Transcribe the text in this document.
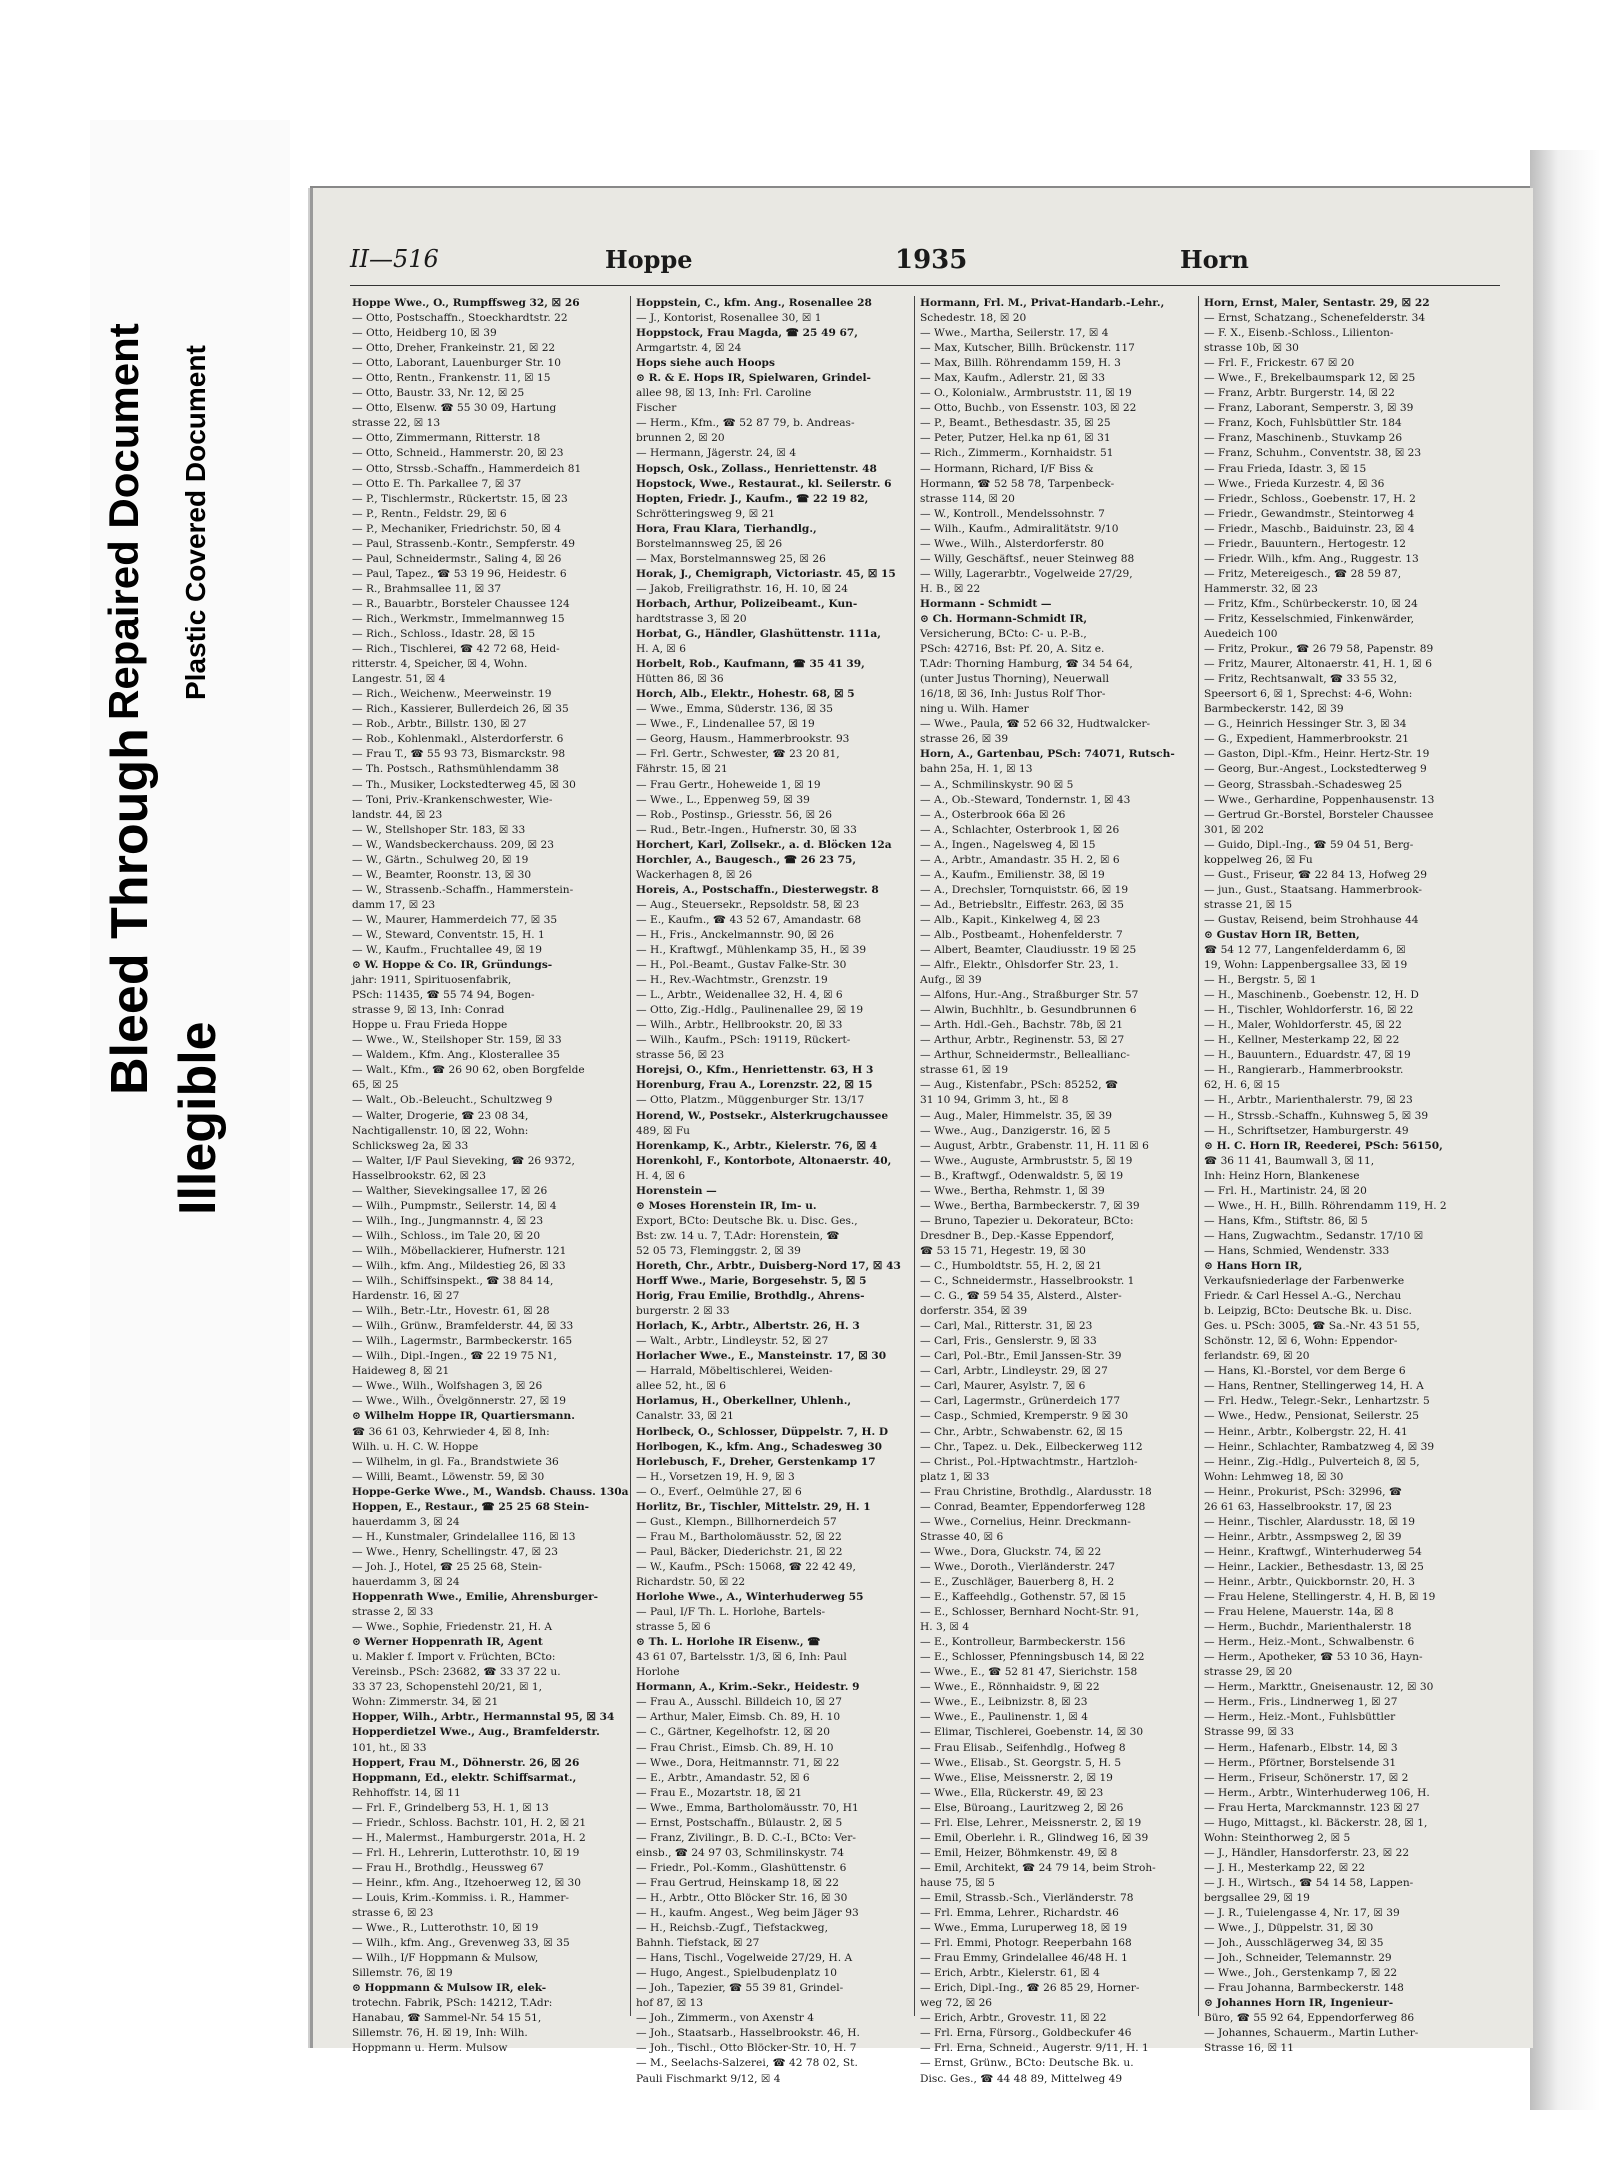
Bleed Through
Repaired Document
Illegible
Plastic Covered Document
II—516	Hoppe	1935	Horn
Hoppe Wwe., O., Rumpffsweg 32, ☒ 26
— Otto, Postschaffn., Stoeckhardtstr. 22
— Otto, Heidberg 10, ☒ 39
— Otto, Dreher, Frankeinstr. 21, ☒ 22
— Otto, Laborant, Lauenburger Str. 10
— Otto, Rentn., Frankenstr. 11, ☒ 15
— Otto, Baustr. 33, Nr. 12, ☒ 25
— Otto, Elsenw. ☎ 55 30 09, Hartung
strasse 22, ☒ 13
— Otto, Zimmermann, Ritterstr. 18
— Otto, Schneid., Hammerstr. 20, ☒ 23
— Otto, Strssb.-Schaffn., Hammerdeich 81
— Otto E. Th. Parkallee 7, ☒ 37
— P., Tischlermstr., Rückertstr. 15, ☒ 23
— P., Rentn., Feldstr. 29, ☒ 6
— P., Mechaniker, Friedrichstr. 50, ☒ 4
— Paul, Strassenb.-Kontr., Sempferstr. 49
— Paul, Schneidermstr., Saling 4, ☒ 26
— Paul, Tapez., ☎ 53 19 96, Heidestr. 6
— R., Brahmsallee 11, ☒ 37
— R., Bauarbtr., Borsteler Chaussee 124
— Rich., Werkmstr., Immelmannweg 15
— Rich., Schloss., Idastr. 28, ☒ 15
— Rich., Tischlerei, ☎ 42 72 68, Heid-
ritterstr. 4, Speicher, ☒ 4, Wohn.
Langestr. 51, ☒ 4
— Rich., Weichenw., Meerweinstr. 19
— Rich., Kassierer, Bullerdeich 26, ☒ 35
— Rob., Arbtr., Billstr. 130, ☒ 27
— Rob., Kohlenmakl., Alsterdorferstr. 6
— Frau T., ☎ 55 93 73, Bismarckstr. 98
— Th. Postsch., Rathsmühlendamm 38
— Th., Musiker, Lockstedterweg 45, ☒ 30
— Toni, Priv.-Krankenschwester, Wie-
landstr. 44, ☒ 23
— W., Stellshoper Str. 183, ☒ 33
— W., Wandsbeckerchauss. 209, ☒ 23
— W., Gärtn., Schulweg 20, ☒ 19
— W., Beamter, Roonstr. 13, ☒ 30
— W., Strassenb.-Schaffn., Hammerstein-
damm 17, ☒ 23
— W., Maurer, Hammerdeich 77, ☒ 35
— W., Steward, Conventstr. 15, H. 1
— W., Kaufm., Fruchtallee 49, ☒ 19
⊙ W. Hoppe & Co. IR, Gründungs-
jahr: 1911, Spirituosenfabrik,
PSch: 11435, ☎ 55 74 94, Bogen-
strasse 9, ☒ 13, Inh: Conrad
Hoppe u. Frau Frieda Hoppe
— Wwe., W., Steilshoper Str. 159, ☒ 33
— Waldem., Kfm. Ang., Klosterallee 35
— Walt., Kfm., ☎ 26 90 62, oben Borgfelde
65, ☒ 25
— Walt., Ob.-Beleucht., Schultzweg 9
— Walter, Drogerie, ☎ 23 08 34,
Nachtigallenstr. 10, ☒ 22, Wohn:
Schlicksweg 2a, ☒ 33
— Walter, I/F Paul Sieveking, ☎ 26 9372,
Hasselbrookstr. 62, ☒ 23
— Walther, Sievekingsallee 17, ☒ 26
— Wilh., Pumpmstr., Seilerstr. 14, ☒ 4
— Wilh., Ing., Jungmannstr. 4, ☒ 23
— Wilh., Schloss., im Tale 20, ☒ 20
— Wilh., Möbellackierer, Hufnerstr. 121
— Wilh., kfm. Ang., Mildestieg 26, ☒ 33
— Wilh., Schiffsinspekt., ☎ 38 84 14,
Hardenstr. 16, ☒ 27
— Wilh., Betr.-Ltr., Hovestr. 61, ☒ 28
— Wilh., Grünw., Bramfelderstr. 44, ☒ 33
— Wilh., Lagermstr., Barmbeckerstr. 165
— Wilh., Dipl.-Ingen., ☎ 22 19 75 N1,
Haideweg 8, ☒ 21
— Wwe., Wilh., Wolfshagen 3, ☒ 26
— Wwe., Wilh., Övelgönnerstr. 27, ☒ 19
⊙ Wilhelm Hoppe IR, Quartiersmann.
☎ 36 61 03, Kehrwieder 4, ☒ 8, Inh:
Wilh. u. H. C. W. Hoppe
— Wilhelm, in gl. Fa., Brandstwiete 36
— Willi, Beamt., Löwenstr. 59, ☒ 30
Hoppe-Gerke Wwe., M., Wandsb. Chauss. 130a
Hoppen, E., Restaur., ☎ 25 25 68 Stein-
hauerdamm 3, ☒ 24
— H., Kunstmaler, Grindelallee 116, ☒ 13
— Wwe., Henry, Schellingstr. 47, ☒ 23
— Joh. J., Hotel, ☎ 25 25 68, Stein-
hauerdamm 3, ☒ 24
Hoppenrath Wwe., Emilie, Ahrensburger-
strasse 2, ☒ 33
— Wwe., Sophie, Friedenstr. 21, H. A
⊙ Werner Hoppenrath IR, Agent
u. Makler f. Import v. Früchten, BCto:
Vereinsb., PSch: 23682, ☎ 33 37 22 u.
33 37 23, Schopenstehl 20/21, ☒ 1,
Wohn: Zimmerstr. 34, ☒ 21
Hopper, Wilh., Arbtr., Hermannstal 95, ☒ 34
Hopperdietzel Wwe., Aug., Bramfelderstr.
101, ht., ☒ 33
Hoppert, Frau M., Döhnerstr. 26, ☒ 26
Hoppmann, Ed., elektr. Schiffsarmat.,
Rehhoffstr. 14, ☒ 11
— Frl. F., Grindelberg 53, H. 1, ☒ 13
— Friedr., Schloss. Bachstr. 101, H. 2, ☒ 21
— H., Malermst., Hamburgerstr. 201a, H. 2
— Frl. H., Lehrerin, Lutterothstr. 10, ☒ 19
— Frau H., Brothdlg., Heussweg 67
— Heinr., kfm. Ang., Itzehoerweg 12, ☒ 30
— Louis, Krim.-Kommiss. i. R., Hammer-
strasse 6, ☒ 23
— Wwe., R., Lutterothstr. 10, ☒ 19
— Wilh., kfm. Ang., Grevenweg 33, ☒ 35
— Wilh., I/F Hoppmann & Mulsow,
Sillemstr. 76, ☒ 19
⊙ Hoppmann & Mulsow IR, elek-
trotechn. Fabrik, PSch: 14212, T.Adr:
Hanabau, ☎ Sammel-Nr. 54 15 51,
Sillemstr. 76, H. ☒ 19, Inh: Wilh.
Hoppmann u. Herm. Mulsow
Hoppstein, C., kfm. Ang., Rosenallee 28
— J., Kontorist, Rosenallee 30, ☒ 1
Hoppstock, Frau Magda, ☎ 25 49 67,
Armgartstr. 4, ☒ 24
Hops siehe auch Hoops
⊙ R. & E. Hops IR, Spielwaren, Grindel-
allee 98, ☒ 13, Inh: Frl. Caroline
Fischer
— Herm., Kfm., ☎ 52 87 79, b. Andreas-
brunnen 2, ☒ 20
— Hermann, Jägerstr. 24, ☒ 4
Hopsch, Osk., Zollass., Henriettenstr. 48
Hopstock, Wwe., Restaurat., kl. Seilerstr. 6
Hopten, Friedr. J., Kaufm., ☎ 22 19 82,
Schrötteringsweg 9, ☒ 21
Hora, Frau Klara, Tierhandlg.,
Borstelmannsweg 25, ☒ 26
— Max, Borstelmannsweg 25, ☒ 26
Horak, J., Chemigraph, Victoriastr. 45, ☒ 15
— Jakob, Freiligrathstr. 16, H. 10, ☒ 24
Horbach, Arthur, Polizeibeamt., Kun-
hardtstrasse 3, ☒ 20
Horbat, G., Händler, Glashüttenstr. 111a,
H. A, ☒ 6
Horbelt, Rob., Kaufmann, ☎ 35 41 39,
Hütten 86, ☒ 36
Horch, Alb., Elektr., Hohestr. 68, ☒ 5
— Wwe., Emma, Süderstr. 136, ☒ 35
— Wwe., F., Lindenallee 57, ☒ 19
— Georg, Hausm., Hammerbrookstr. 93
— Frl. Gertr., Schwester, ☎ 23 20 81,
Fährstr. 15, ☒ 21
— Frau Gertr., Hoheweide 1, ☒ 19
— Wwe., L., Eppenweg 59, ☒ 39
— Rob., Postinsp., Griesstr. 56, ☒ 26
— Rud., Betr.-Ingen., Hufnerstr. 30, ☒ 33
Horchert, Karl, Zollsekr., a. d. Blöcken 12a
Horchler, A., Baugesch., ☎ 26 23 75,
Wackerhagen 8, ☒ 26
Horeis, A., Postschaffn., Diesterwegstr. 8
— Aug., Steuersekr., Repsoldstr. 58, ☒ 23
— E., Kaufm., ☎ 43 52 67, Amandastr. 68
— H., Fris., Anckelmannstr. 90, ☒ 26
— H., Kraftwgf., Mühlenkamp 35, H., ☒ 39
— H., Pol.-Beamt., Gustav Falke-Str. 30
— H., Rev.-Wachtmstr., Grenzstr. 19
— L., Arbtr., Weidenallee 32, H. 4, ☒ 6
— Otto, Zig.-Hdlg., Paulinenallee 29, ☒ 19
— Wilh., Arbtr., Hellbrookstr. 20, ☒ 33
— Wilh., Kaufm., PSch: 19119, Rückert-
strasse 56, ☒ 23
Horejsi, O., Kfm., Henriettenstr. 63, H 3
Horenburg, Frau A., Lorenzstr. 22, ☒ 15
— Otto, Platzm., Müggenburger Str. 13/17
Horend, W., Postsekr., Alsterkrugchaussee
489, ☒ Fu
Horenkamp, K., Arbtr., Kielerstr. 76, ☒ 4
Horenkohl, F., Kontorbote, Altonaerstr. 40,
H. 4, ☒ 6
Horenstein —
⊙ Moses Horenstein IR, Im- u.
Export, BCto: Deutsche Bk. u. Disc. Ges.,
Bst: zw. 14 u. 7, T.Adr: Horenstein, ☎
52 05 73, Fleminggstr. 2, ☒ 39
Horeth, Chr., Arbtr., Duisberg-Nord 17, ☒ 43
Horff Wwe., Marie, Borgesehstr. 5, ☒ 5
Horig, Frau Emilie, Brothdlg., Ahrens-
burgerstr. 2 ☒ 33
Horlach, K., Arbtr., Albertstr. 26, H. 3
— Walt., Arbtr., Lindleystr. 52, ☒ 27
Horlacher Wwe., E., Mansteinstr. 17, ☒ 30
— Harrald, Möbeltischlerei, Weiden-
allee 52, ht., ☒ 6
Horlamus, H., Oberkellner, Uhlenh.,
Canalstr. 33, ☒ 21
Horlbeck, O., Schlosser, Düppelstr. 7, H. D
Horlbogen, K., kfm. Ang., Schadesweg 30
Horlebusch, F., Dreher, Gerstenkamp 17
— H., Vorsetzen 19, H. 9, ☒ 3
— O., Everf., Oelmühle 27, ☒ 6
Horlitz, Br., Tischler, Mittelstr. 29, H. 1
— Gust., Klempn., Billhornerdeich 57
— Frau M., Bartholomäusstr. 52, ☒ 22
— Paul, Bäcker, Diederichstr. 21, ☒ 22
— W., Kaufm., PSch: 15068, ☎ 22 42 49,
Richardstr. 50, ☒ 22
Horlohe Wwe., A., Winterhuderweg 55
— Paul, I/F Th. L. Horlohe, Bartels-
strasse 5, ☒ 6
⊙ Th. L. Horlohe IR Eisenw., ☎
43 61 07, Bartelsstr. 1/3, ☒ 6, Inh: Paul
Horlohe
Hormann, A., Krim.-Sekr., Heidestr. 9
— Frau A., Ausschl. Billdeich 10, ☒ 27
— Arthur, Maler, Eimsb. Ch. 89, H. 10
— C., Gärtner, Kegelhofstr. 12, ☒ 20
— Frau Christ., Eimsb. Ch. 89, H. 10
— Wwe., Dora, Heitmannstr. 71, ☒ 22
— E., Arbtr., Amandastr. 52, ☒ 6
— Frau E., Mozartstr. 18, ☒ 21
— Wwe., Emma, Bartholomäusstr. 70, H1
— Ernst, Postschaffn., Bülaustr. 2, ☒ 5
— Franz, Zivilingr., B. D. C.-I., BCto: Ver-
einsb., ☎ 24 97 03, Schmilinskystr. 74
— Friedr., Pol.-Komm., Glashüttenstr. 6
— Frau Gertrud, Heinskamp 18, ☒ 22
— H., Arbtr., Otto Blöcker Str. 16, ☒ 30
— H., kaufm. Angest., Weg beim Jäger 93
— H., Reichsb.-Zugf., Tiefstackweg,
Bahnh. Tiefstack, ☒ 27
— Hans, Tischl., Vogelweide 27/29, H. A
— Hugo, Angest., Spielbudenplatz 10
— Joh., Tapezier, ☎ 55 39 81, Grindel-
hof 87, ☒ 13
— Joh., Zimmerm., von Axenstr 4
— Joh., Staatsarb., Hasselbrookstr. 46, H.
— Joh., Tischl., Otto Blöcker-Str. 10, H. 7
— M., Seelachs-Salzerei, ☎ 42 78 02, St.
Pauli Fischmarkt 9/12, ☒ 4
Hormann, Frl. M., Privat-Handarb.-Lehr.,
Schedestr. 18, ☒ 20
— Wwe., Martha, Seilerstr. 17, ☒ 4
— Max, Kutscher, Billh. Brückenstr. 117
— Max, Billh. Röhrendamm 159, H. 3
— Max, Kaufm., Adlerstr. 21, ☒ 33
— O., Kolonialw., Armbruststr. 11, ☒ 19
— Otto, Buchb., von Essenstr. 103, ☒ 22
— P., Beamt., Bethesdastr. 35, ☒ 25
— Peter, Putzer, Hel.ka np 61, ☒ 31
— Rich., Zimmerm., Kornhaidstr. 51
— Hormann, Richard, I/F Biss &
Hormann, ☎ 52 58 78, Tarpenbeck-
strasse 114, ☒ 20
— W., Kontroll., Mendelssohnstr. 7
— Wilh., Kaufm., Admiralitätstr. 9/10
— Wwe., Wilh., Alsterdorferstr. 80
— Willy, Geschäftsf., neuer Steinweg 88
— Willy, Lagerarbtr., Vogelweide 27/29,
H. B., ☒ 22
Hormann - Schmidt —
⊙ Ch. Hormann-Schmidt IR,
Versicherung, BCto: C- u. P.-B.,
PSch: 42716, Bst: Pf. 20, A. Sitz e.
T.Adr: Thorning Hamburg, ☎ 34 54 64,
(unter Justus Thorning), Neuerwall
16/18, ☒ 36, Inh: Justus Rolf Thor-
ning u. Wilh. Hamer
— Wwe., Paula, ☎ 52 66 32, Hudtwalcker-
strasse 26, ☒ 39
Horn, A., Gartenbau, PSch: 74071, Rutsch-
bahn 25a, H. 1, ☒ 13
— A., Schmilinskystr. 90 ☒ 5
— A., Ob.-Steward, Tondernstr. 1, ☒ 43
— A., Osterbrook 66a ☒ 26
— A., Schlachter, Osterbrook 1, ☒ 26
— A., Ingen., Nagelsweg 4, ☒ 15
— A., Arbtr., Amandastr. 35 H. 2, ☒ 6
— A., Kaufm., Emilienstr. 38, ☒ 19
— A., Drechsler, Tornquiststr. 66, ☒ 19
— Ad., Betriebsltr., Eiffestr. 263, ☒ 35
— Alb., Kapit., Kinkelweg 4, ☒ 23
— Alb., Postbeamt., Hohenfelderstr. 7
— Albert, Beamter, Claudiusstr. 19 ☒ 25
— Alfr., Elektr., Ohlsdorfer Str. 23, 1.
Aufg., ☒ 39
— Alfons, Hur.-Ang., Straßburger Str. 57
— Alwin, Buchhltr., b. Gesundbrunnen 6
— Arth. Hdl.-Geh., Bachstr. 78b, ☒ 21
— Arthur, Arbtr., Reginenstr. 53, ☒ 27
— Arthur, Schneidermstr., Belleallianc-
strasse 61, ☒ 19
— Aug., Kistenfabr., PSch: 85252, ☎
31 10 94, Grimm 3, ht., ☒ 8
— Aug., Maler, Himmelstr. 35, ☒ 39
— Wwe., Aug., Danzigerstr. 16, ☒ 5
— August, Arbtr., Grabenstr. 11, H. 11 ☒ 6
— Wwe., Auguste, Armbruststr. 5, ☒ 19
— B., Kraftwgf., Odenwaldstr. 5, ☒ 19
— Wwe., Bertha, Rehmstr. 1, ☒ 39
— Wwe., Bertha, Barmbeckerstr. 7, ☒ 39
— Bruno, Tapezier u. Dekorateur, BCto:
Dresdner B., Dep.-Kasse Eppendorf,
☎ 53 15 71, Hegestr. 19, ☒ 30
— C., Humboldtstr. 55, H. 2, ☒ 21
— C., Schneidermstr., Hasselbrookstr. 1
— C. G., ☎ 59 54 35, Alsterd., Alster-
dorferstr. 354, ☒ 39
— Carl, Mal., Ritterstr. 31, ☒ 23
— Carl, Fris., Genslerstr. 9, ☒ 33
— Carl, Pol.-Btr., Emil Janssen-Str. 39
— Carl, Arbtr., Lindleystr. 29, ☒ 27
— Carl, Maurer, Asylstr. 7, ☒ 6
— Carl, Lagermstr., Grünerdeich 177
— Casp., Schmied, Kremperstr. 9 ☒ 30
— Chr., Arbtr., Schwabenstr. 62, ☒ 15
— Chr., Tapez. u. Dek., Eilbeckerweg 112
— Christ., Pol.-Hptwachtmstr., Hartzloh-
platz 1, ☒ 33
— Frau Christine, Brothdlg., Alardusstr. 18
— Conrad, Beamter, Eppendorferweg 128
— Wwe., Cornelius, Heinr. Dreckmann-
Strasse 40, ☒ 6
— Wwe., Dora, Gluckstr. 74, ☒ 22
— Wwe., Doroth., Vierländerstr. 247
— E., Zuschläger, Bauerberg 8, H. 2
— E., Kaffeehdlg., Gothenstr. 57, ☒ 15
— E., Schlosser, Bernhard Nocht-Str. 91,
H. 3, ☒ 4
— E., Kontrolleur, Barmbeckerstr. 156
— E., Schlosser, Pfenningsbusch 14, ☒ 22
— Wwe., E., ☎ 52 81 47, Sierichstr. 158
— Wwe., E., Rönnhaidstr. 9, ☒ 22
— Wwe., E., Leibnizstr. 8, ☒ 23
— Wwe., E., Paulinenstr. 1, ☒ 4
— Elimar, Tischlerei, Goebenstr. 14, ☒ 30
— Frau Elisab., Seifenhdlg., Hofweg 8
— Wwe., Elisab., St. Georgstr. 5, H. 5
— Wwe., Elise, Meissnerstr. 2, ☒ 19
— Wwe., Ella, Rückerstr. 49, ☒ 23
— Else, Büroang., Lauritzweg 2, ☒ 26
— Frl. Else, Lehrer., Meissnerstr. 2, ☒ 19
— Emil, Oberlehr. i. R., Glindweg 16, ☒ 39
— Emil, Heizer, Böhmkenstr. 49, ☒ 8
— Emil, Architekt, ☎ 24 79 14, beim Stroh-
hause 75, ☒ 5
— Emil, Strassb.-Sch., Vierländerstr. 78
— Frl. Emma, Lehrer., Richardstr. 46
— Wwe., Emma, Luruperweg 18, ☒ 19
— Frl. Emmi, Photogr. Reeperbahn 168
— Frau Emmy, Grindelallee 46/48 H. 1
— Erich, Arbtr., Kielerstr. 61, ☒ 4
— Erich, Dipl.-Ing., ☎ 26 85 29, Horner-
weg 72, ☒ 26
— Erich, Arbtr., Grovestr. 11, ☒ 22
— Frl. Erna, Fürsorg., Goldbeckufer 46
— Frl. Erna, Schneid., Augerstr. 9/11, H. 1
— Ernst, Grünw., BCto: Deutsche Bk. u.
Disc. Ges., ☎ 44 48 89, Mittelweg 49
Horn, Ernst, Maler, Sentastr. 29, ☒ 22
— Ernst, Schatzang., Schenefelderstr. 34
— F. X., Eisenb.-Schloss., Lilienton-
strasse 10b, ☒ 30
— Frl. F., Frickestr. 67 ☒ 20
— Wwe., F., Brekelbaumspark 12, ☒ 25
— Franz, Arbtr. Burgerstr. 14, ☒ 22
— Franz, Laborant, Semperstr. 3, ☒ 39
— Franz, Koch, Fuhlsbüttler Str. 184
— Franz, Maschinenb., Stuvkamp 26
— Franz, Schuhm., Conventstr. 38, ☒ 23
— Frau Frieda, Idastr. 3, ☒ 15
— Wwe., Frieda Kurzestr. 4, ☒ 36
— Friedr., Schloss., Goebenstr. 17, H. 2
— Friedr., Gewandmstr., Steintorweg 4
— Friedr., Maschb., Baiduinstr. 23, ☒ 4
— Friedr., Bauuntern., Hertogestr. 12
— Friedr. Wilh., kfm. Ang., Ruggestr. 13
— Fritz, Metereigesch., ☎ 28 59 87,
Hammerstr. 32, ☒ 23
— Fritz, Kfm., Schürbeckerstr. 10, ☒ 24
— Fritz, Kesselschmied, Finkenwärder,
Auedeich 100
— Fritz, Prokur., ☎ 26 79 58, Papenstr. 89
— Fritz, Maurer, Altonaerstr. 41, H. 1, ☒ 6
— Fritz, Rechtsanwalt, ☎ 33 55 32,
Speersort 6, ☒ 1, Sprechst: 4-6, Wohn:
Barmbeckerstr. 142, ☒ 39
— G., Heinrich Hessinger Str. 3, ☒ 34
— G., Expedient, Hammerbrookstr. 21
— Gaston, Dipl.-Kfm., Heinr. Hertz-Str. 19
— Georg, Bur.-Angest., Lockstedterweg 9
— Georg, Strassbah.-Schadesweg 25
— Wwe., Gerhardine, Poppenhausenstr. 13
— Gertrud Gr.-Borstel, Borsteler Chaussee
301, ☒ 202
— Guido, Dipl.-Ing., ☎ 59 04 51, Berg-
koppelweg 26, ☒ Fu
— Gust., Friseur, ☎ 22 84 13, Hofweg 29
— jun., Gust., Staatsang. Hammerbrook-
strasse 21, ☒ 15
— Gustav, Reisend, beim Strohhause 44
⊙ Gustav Horn IR, Betten,
☎ 54 12 77, Langenfelderdamm 6, ☒
19, Wohn: Lappenbergsallee 33, ☒ 19
— H., Bergstr. 5, ☒ 1
— H., Maschinenb., Goebenstr. 12, H. D
— H., Tischler, Wohldorferstr. 16, ☒ 22
— H., Maler, Wohldorferstr. 45, ☒ 22
— H., Kellner, Mesterkamp 22, ☒ 22
— H., Bauuntern., Eduardstr. 47, ☒ 19
— H., Rangierarb., Hammerbrookstr.
62, H. 6, ☒ 15
— H., Arbtr., Marienthalerstr. 79, ☒ 23
— H., Strssb.-Schaffn., Kuhnsweg 5, ☒ 39
— H., Schriftsetzer, Hamburgerstr. 49
⊙ H. C. Horn IR, Reederei, PSch: 56150,
☎ 36 11 41, Baumwall 3, ☒ 11,
Inh: Heinz Horn, Blankenese
— Frl. H., Martinistr. 24, ☒ 20
— Wwe., H. H., Billh. Röhrendamm 119, H. 2
— Hans, Kfm., Stiftstr. 86, ☒ 5
— Hans, Zugwachtm., Sedanstr. 17/10 ☒
— Hans, Schmied, Wendenstr. 333
⊙ Hans Horn IR,
Verkaufsniederlage der Farbenwerke
Friedr. & Carl Hessel A.-G., Nerchau
b. Leipzig, BCto: Deutsche Bk. u. Disc.
Ges. u. PSch: 3005, ☎ Sa.-Nr. 43 51 55,
Schönstr. 12, ☒ 6, Wohn: Eppendor-
ferlandstr. 69, ☒ 20
— Hans, Kl.-Borstel, vor dem Berge 6
— Hans, Rentner, Stellingerweg 14, H. A
— Frl. Hedw., Telegr.-Sekr., Lenhartzstr. 5
— Wwe., Hedw., Pensionat, Seilerstr. 25
— Heinr., Arbtr., Kolbergstr. 22, H. 41
— Heinr., Schlachter, Rambatzweg 4, ☒ 39
— Heinr., Zig.-Hdlg., Pulverteich 8, ☒ 5,
Wohn: Lehmweg 18, ☒ 30
— Heinr., Prokurist, PSch: 32996, ☎
26 61 63, Hasselbrookstr. 17, ☒ 23
— Heinr., Tischler, Alardusstr. 18, ☒ 19
— Heinr., Arbtr., Assmpsweg 2, ☒ 39
— Heinr., Kraftwgf., Winterhuderweg 54
— Heinr., Lackier., Bethesdastr. 13, ☒ 25
— Heinr., Arbtr., Quickbornstr. 20, H. 3
— Frau Helene, Stellingerstr. 4, H. B, ☒ 19
— Frau Helene, Mauerstr. 14a, ☒ 8
— Herm., Buchdr., Marienthalerstr. 18
— Herm., Heiz.-Mont., Schwalbenstr. 6
— Herm., Apotheker, ☎ 53 10 36, Hayn-
strasse 29, ☒ 20
— Herm., Markttr., Gneisenaustr. 12, ☒ 30
— Herm., Fris., Lindnerweg 1, ☒ 27
— Herm., Heiz.-Mont., Fuhlsbüttler
Strasse 99, ☒ 33
— Herm., Hafenarb., Elbstr. 14, ☒ 3
— Herm., Pförtner, Borstelsende 31
— Herm., Friseur, Schönerstr. 17, ☒ 2
— Herm., Arbtr., Winterhuderweg 106, H.
— Frau Herta, Marckmannstr. 123 ☒ 27
— Hugo, Mittagst., kl. Bäckerstr. 28, ☒ 1,
Wohn: Steinthorweg 2, ☒ 5
— J., Händler, Hansdorferstr. 23, ☒ 22
— J. H., Mesterkamp 22, ☒ 22
— J. H., Wirtsch., ☎ 54 14 58, Lappen-
bergsallee 29, ☒ 19
— J. R., Tuielengasse 4, Nr. 17, ☒ 39
— Wwe., J., Düppelstr. 31, ☒ 30
— Joh., Ausschlägerweg 34, ☒ 35
— Joh., Schneider, Telemannstr. 29
— Wwe., Joh., Gerstenkamp 7, ☒ 22
— Frau Johanna, Barmbeckerstr. 148
⊙ Johannes Horn IR, Ingenieur-
Büro, ☎ 55 92 64, Eppendorferweg 86
— Johannes, Schauerm., Martin Luther-
Strasse 16, ☒ 11
